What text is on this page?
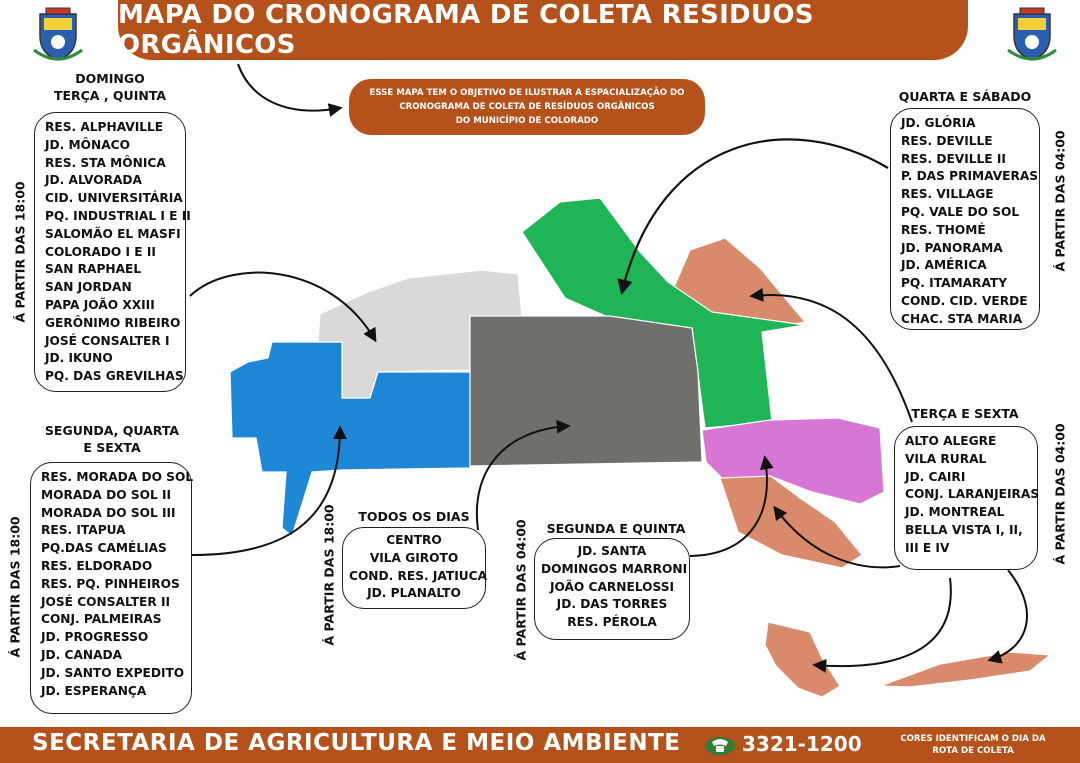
MAPA DO CRONOGRAMA DE COLETA RESIDUOS ORGÂNICOS
ESSE MAPA TEM O OBJETIVO DE ILUSTRAR A ESPACIALIZAÇÃO DO
CRONOGRAMA DE COLETA DE RESÍDUOS ORGÂNICOS
DO MUNICÍPIO DE COLORADO
DOMINGO
TERÇA , QUINTA
RES. ALPHAVILLE
JD. MÔNACO
RES. STA MÔNICA
JD. ALVORADA
CID. UNIVERSITÁRIA
PQ. INDUSTRIAL I E II
SALOMÃO EL MASFI
COLORADO I E II
SAN RAPHAEL
SAN JORDAN
PAPA JOÃO XXIII
GERÔNIMO RIBEIRO
JOSÉ CONSALTER I
JD. IKUNO
PQ. DAS GREVILHAS
Á PARTIR DAS 18:00
SEGUNDA, QUARTA
E SEXTA
RES. MORADA DO SOL
MORADA DO SOL II
MORADA DO SOL III
RES. ITAPUA
PQ.DAS CAMÉLIAS
RES. ELDORADO
RES. PQ. PINHEIROS
JOSÉ CONSALTER II
CONJ. PALMEIRAS
JD. PROGRESSO
JD. CANADA
JD. SANTO EXPEDITO
JD. ESPERANÇA
Á PARTIR DAS 18:00	TODOS OS DIAS
CENTRO
VILA GIROTO
COND. RES. JATIUCA
JD. PLANALTO
Á PARTIR DAS 18:00	SEGUNDA E QUINTA
JD. SANTA
DOMINGOS MARRONI
JOÃO CARNELOSSI
JD. DAS TORRES
RES. PÉROLA
Á PARTIR DAS 04:00
QUARTA E SÁBADO
JD. GLÓRIA
RES. DEVILLE
RES. DEVILLE II
P. DAS PRIMAVERAS
RES. VILLAGE
PQ. VALE DO SOL
RES. THOMÉ
JD. PANORAMA
JD. AMÉRICA
PQ. ITAMARATY
COND. CID. VERDE
CHAC. STA MARIA
Á PARTIR DAS 04:00
TERÇA E SEXTA
ALTO ALEGRE
VILA RURAL
JD. CAIRI
CONJ. LARANJEIRAS
JD. MONTREAL
BELLA VISTA I, II,
III E IV	Á PARTIR DAS 04:00
SECRETARIA DE AGRICULTURA E MEIO AMBIENTE	3321-1200	CORES IDENTIFICAM O DIA DA
ROTA DE COLETA
